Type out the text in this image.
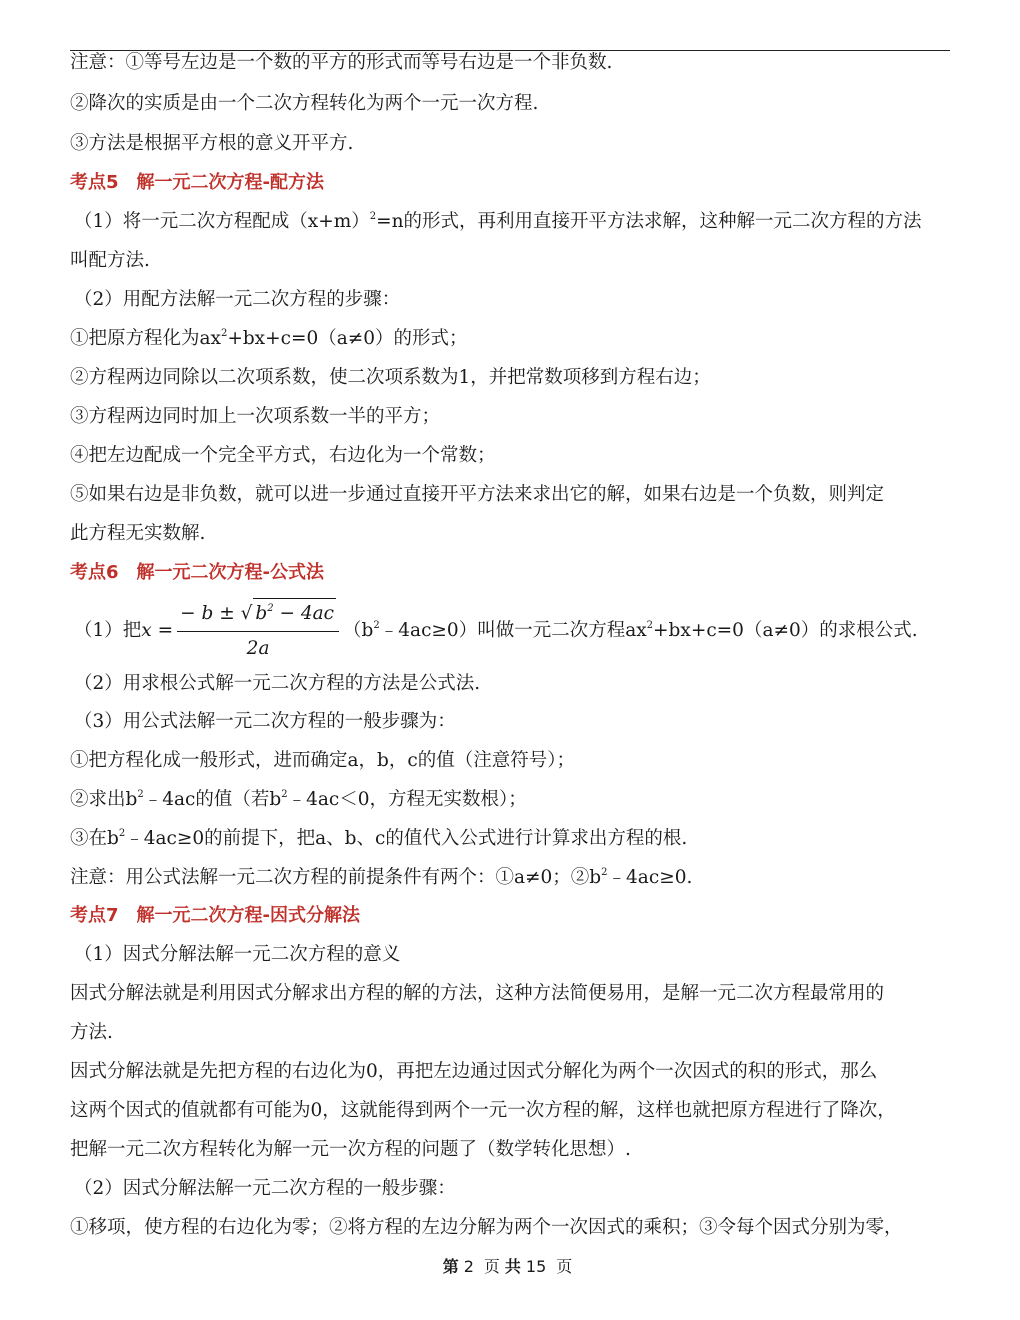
注意：①等号左边是一个数的平方的形式而等号右边是一个非负数.
②降次的实质是由一个二次方程转化为两个一元一次方程.
③方法是根据平方根的意义开平方.
考点5　解一元二次方程-配方法
（1）将一元二次方程配成$(x+m)^2=n$的形式，再利用直接开平方法求解，这种解一元二次方程的方法
叫配方法.
（2）用配方法解一元二次方程的步骤：
①把原方程化为$ax^2+bx+c=0(a\ne 0)$的形式；
②方程两边同除以二次项系数，使二次项系数为1，并把常数项移到方程右边；
③方程两边同时加上一次项系数一半的平方；
④把左边配成一个完全平方式，右边化为一个常数；
⑤如果右边是非负数，就可以进一步通过直接开平方法来求出它的解，如果右边是一个负数，则判定
此方程无实数解.
考点6　解一元二次方程-公式法
（1）把$x = \frac{- b \pm √ b^2 - 4ac}{2a}$ $(b^2﹣4ac\ge 0)$叫做一元二次方程$ax^2+bx+c=0(a\ne 0)$的求根公式.
（2）用求根公式解一元二次方程的方法是公式法.
（3）用公式法解一元二次方程的一般步骤为：
①把方程化成一般形式，进而确定a，b，c的值（注意符号）；
②求出$b^2﹣4ac$的值（若$b^2﹣4ac<0$，方程无实数根）；
③在$b^2﹣4ac\ge 0$的前提下，把a、b、c的值代入公式进行计算求出方程的根.
注意：用公式法解一元二次方程的前提条件有两个：①a≠0；$②b^2﹣4ac\ge 0$.
考点7　解一元二次方程-因式分解法
（1）因式分解法解一元二次方程的意义
因式分解法就是利用因式分解求出方程的解的方法，这种方法简便易用，是解一元二次方程最常用的
方法.
因式分解法就是先把方程的右边化为0，再把左边通过因式分解化为两个一次因式的积的形式，那么
这两个因式的值就都有可能为0，这就能得到两个一元一次方程的解，这样也就把原方程进行了降次，
把解一元二次方程转化为解一元一次方程的问题了（数学转化思想）.
（2）因式分解法解一元二次方程的一般步骤：
①移项，使方程的右边化为零；②将方程的左边分解为两个一次因式的乘积；③令每个因式分别为零，
第 2 页 共 15 页
